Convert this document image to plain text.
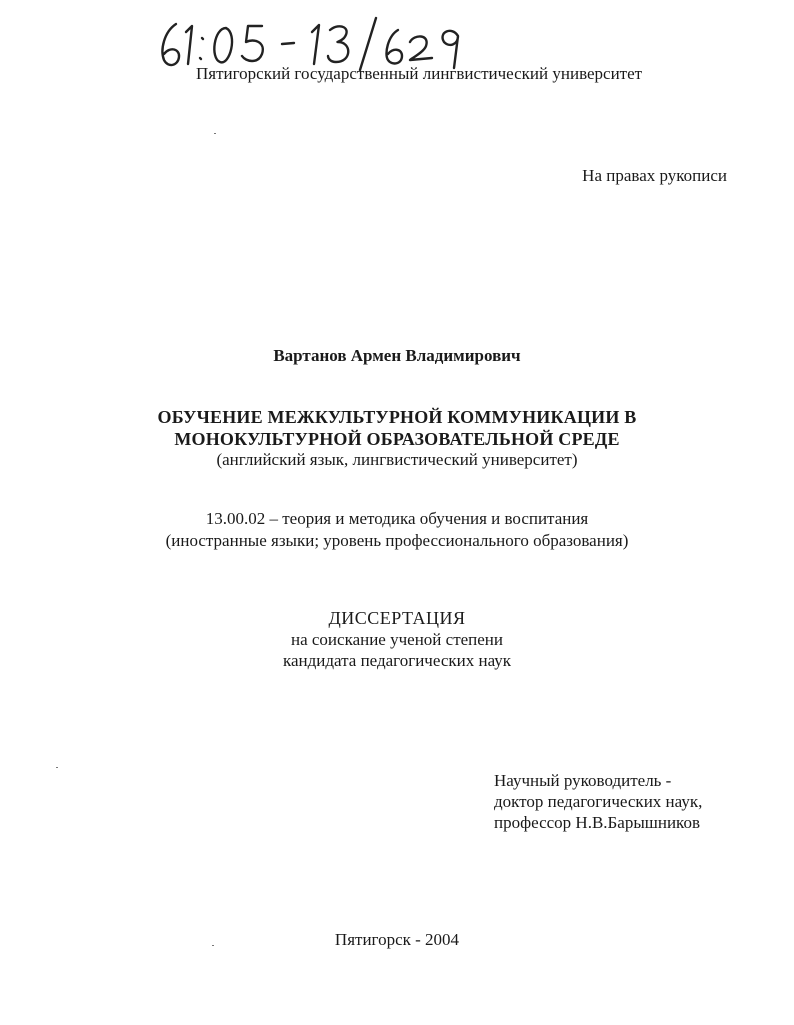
Пятигорский государственный лингвистический университет
На правах рукописи
Вартанов Армен Владимирович
ОБУЧЕНИЕ МЕЖКУЛЬТУРНОЙ КОММУНИКАЦИИ В
МОНОКУЛЬТУРНОЙ ОБРАЗОВАТЕЛЬНОЙ СРЕДЕ
(английский язык, лингвистический университет)
13.00.02 – теория и методика обучения и воспитания
(иностранные языки; уровень профессионального образования)
ДИССЕРТАЦИЯ
на соискание ученой степени
кандидата педагогических наук
Научный руководитель -
доктор педагогических наук,
профессор Н.В.Барышников
Пятигорск - 2004
